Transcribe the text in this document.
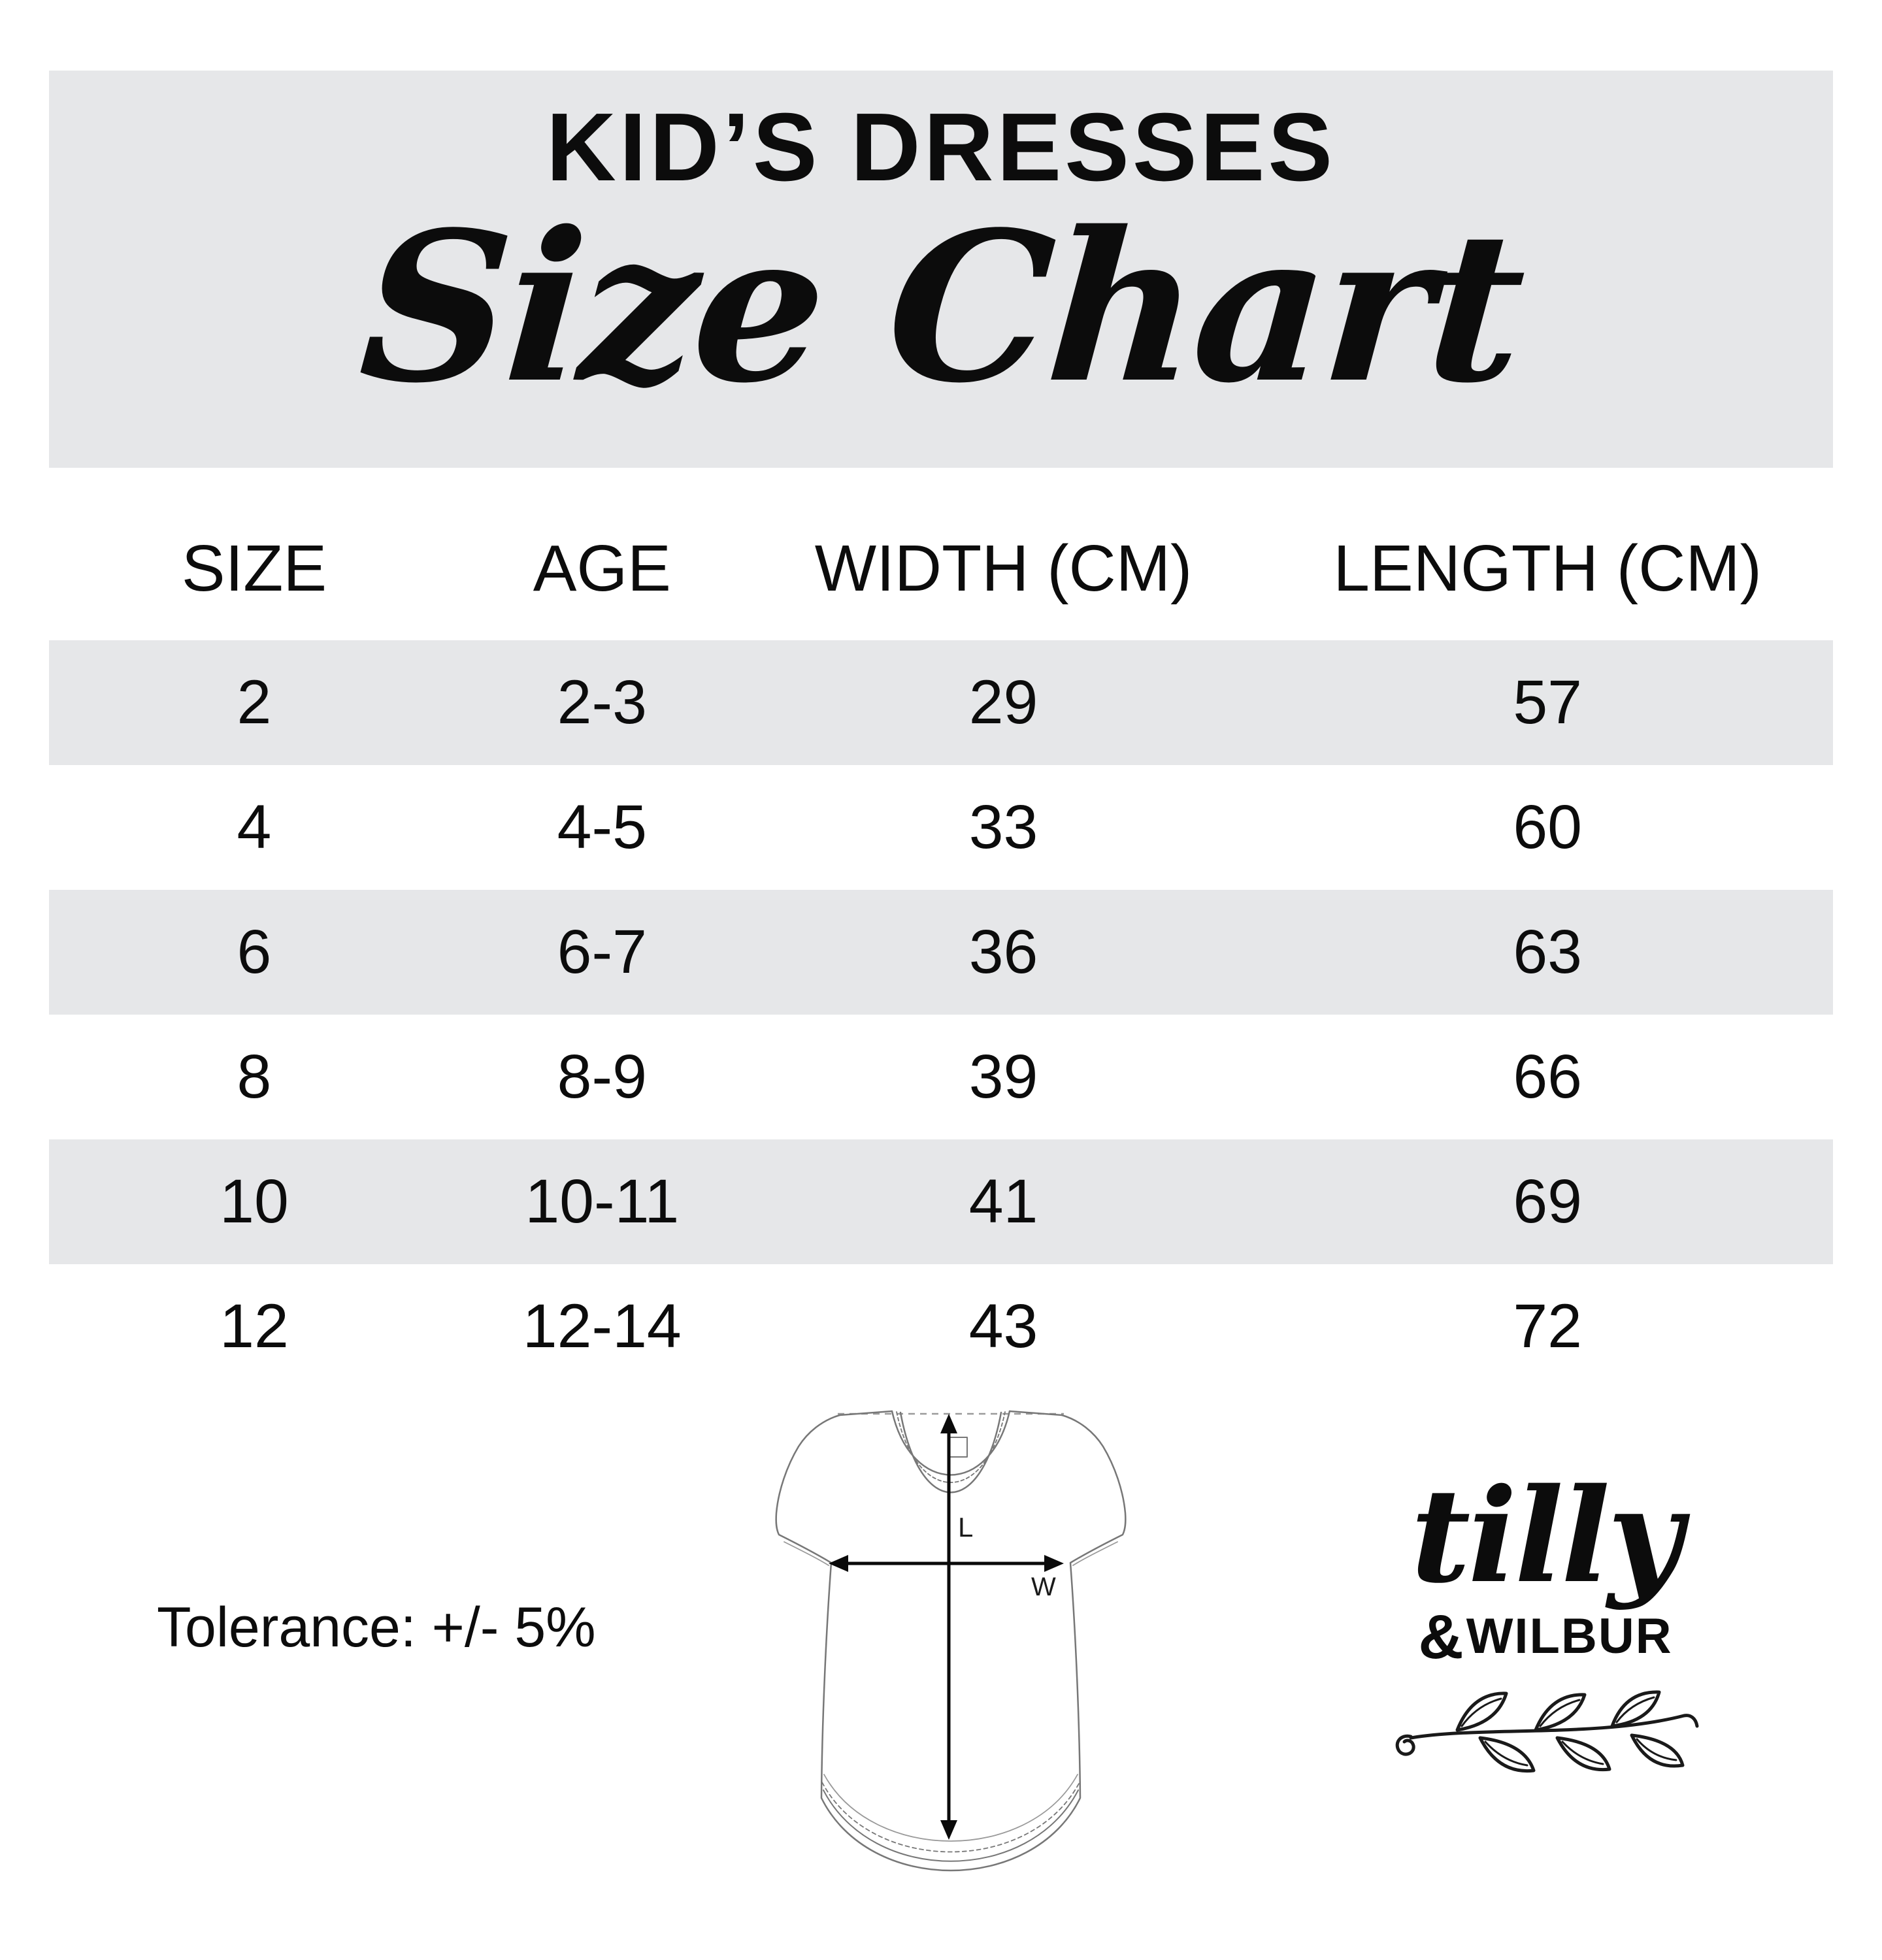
KID’S DRESSES
Size Chart
SIZE	AGE	WIDTH (CM)	LENGTH (CM)
2	2-3	29	57
4	4-5	33	60
6	6-7	36	63
8	8-9	39	66
10	10-11	41	69
12	12-14	43	72
Tolerance: +/- 5%
L
W	tilly
&WILBUR
